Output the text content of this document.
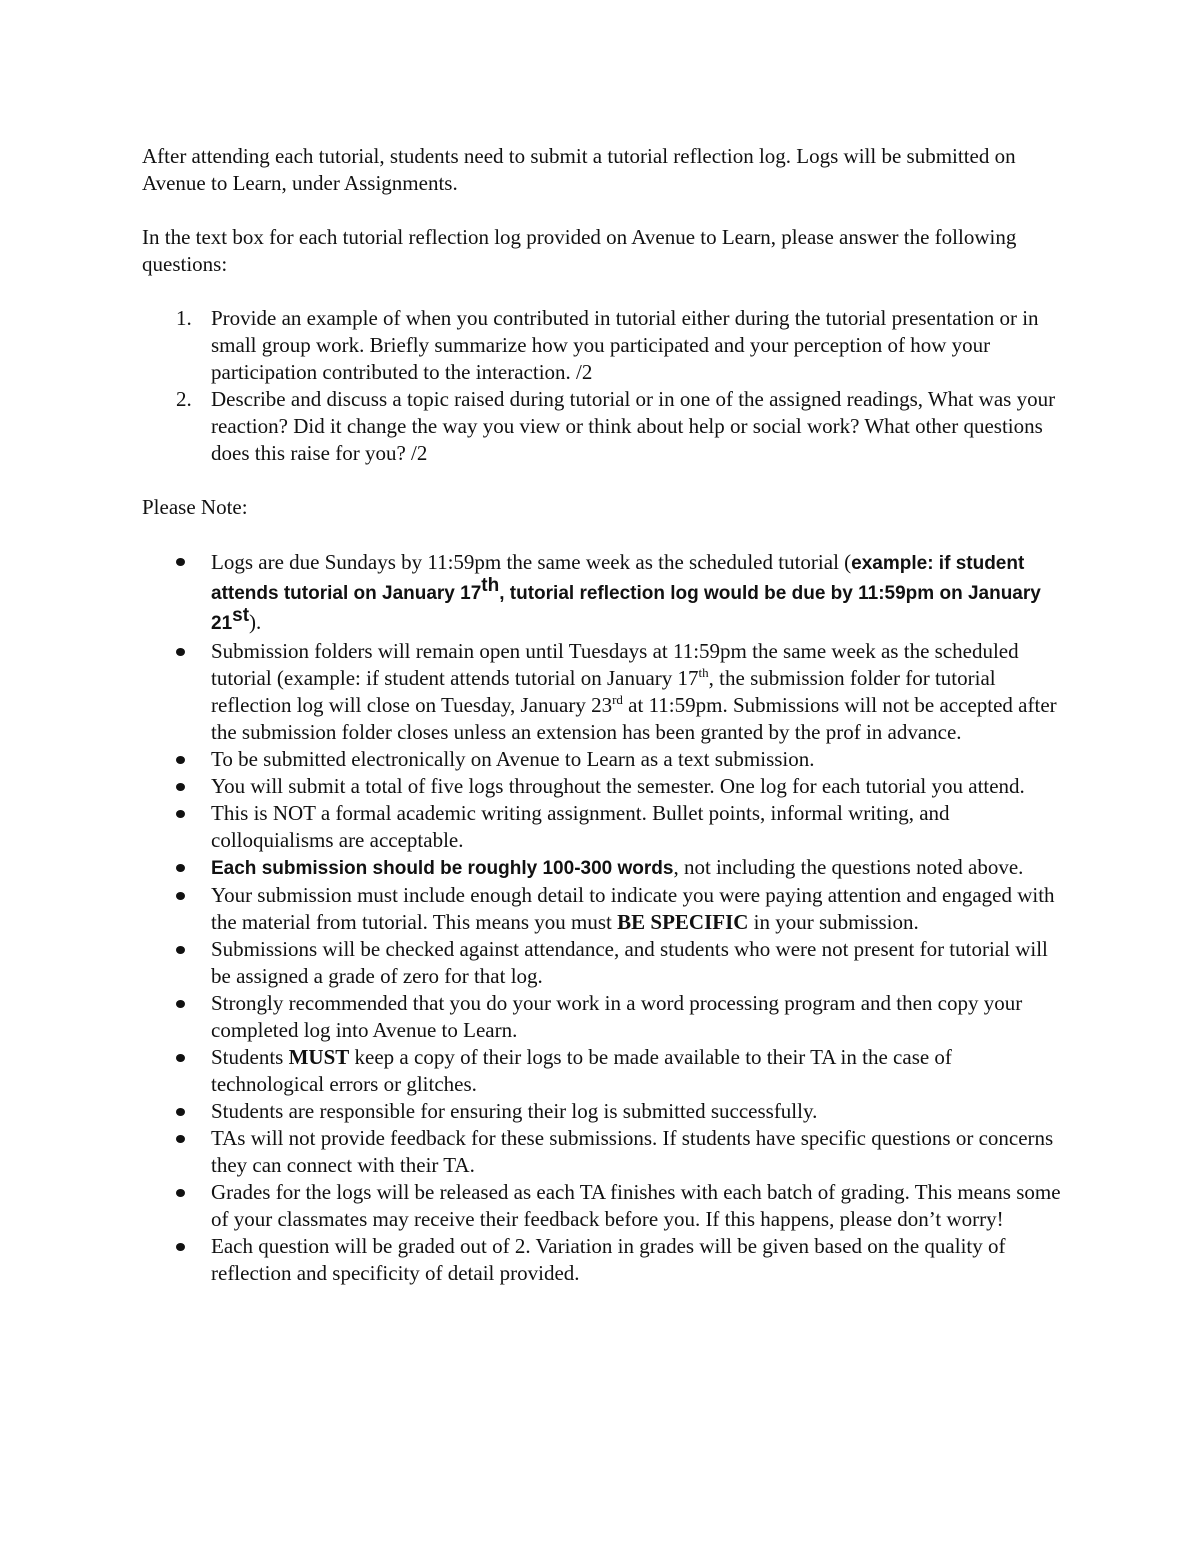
After attending each tutorial, students need to submit a tutorial reflection log. Logs will be submitted on Avenue to Learn, under Assignments.

In the text box for each tutorial reflection log provided on Avenue to Learn, please answer the following questions:

1. Provide an example of when you contributed in tutorial either during the tutorial presentation or in small group work. Briefly summarize how you participated and your perception of how your participation contributed to the interaction. /2
2. Describe and discuss a topic raised during tutorial or in one of the assigned readings, What was your reaction? Did it change the way you view or think about help or social work? What other questions does this raise for you? /2

Please Note:

Logs are due Sundays by 11:59pm the same week as the scheduled tutorial (example: if student attends tutorial on January 17th, tutorial reflection log would be due by 11:59pm on January 21st).
Submission folders will remain open until Tuesdays at 11:59pm the same week as the scheduled tutorial (example: if student attends tutorial on January 17th, the submission folder for tutorial reflection log will close on Tuesday, January 23rd at 11:59pm. Submissions will not be accepted after the submission folder closes unless an extension has been granted by the prof in advance.
To be submitted electronically on Avenue to Learn as a text submission.
You will submit a total of five logs throughout the semester. One log for each tutorial you attend.
This is NOT a formal academic writing assignment. Bullet points, informal writing, and colloquialisms are acceptable.
Each submission should be roughly 100-300 words, not including the questions noted above.
Your submission must include enough detail to indicate you were paying attention and engaged with the material from tutorial. This means you must BE SPECIFIC in your submission.
Submissions will be checked against attendance, and students who were not present for tutorial will be assigned a grade of zero for that log.
Strongly recommended that you do your work in a word processing program and then copy your completed log into Avenue to Learn.
Students MUST keep a copy of their logs to be made available to their TA in the case of technological errors or glitches.
Students are responsible for ensuring their log is submitted successfully.
TAs will not provide feedback for these submissions. If students have specific questions or concerns they can connect with their TA.
Grades for the logs will be released as each TA finishes with each batch of grading. This means some of your classmates may receive their feedback before you. If this happens, please don’t worry!
Each question will be graded out of 2. Variation in grades will be given based on the quality of reflection and specificity of detail provided.
